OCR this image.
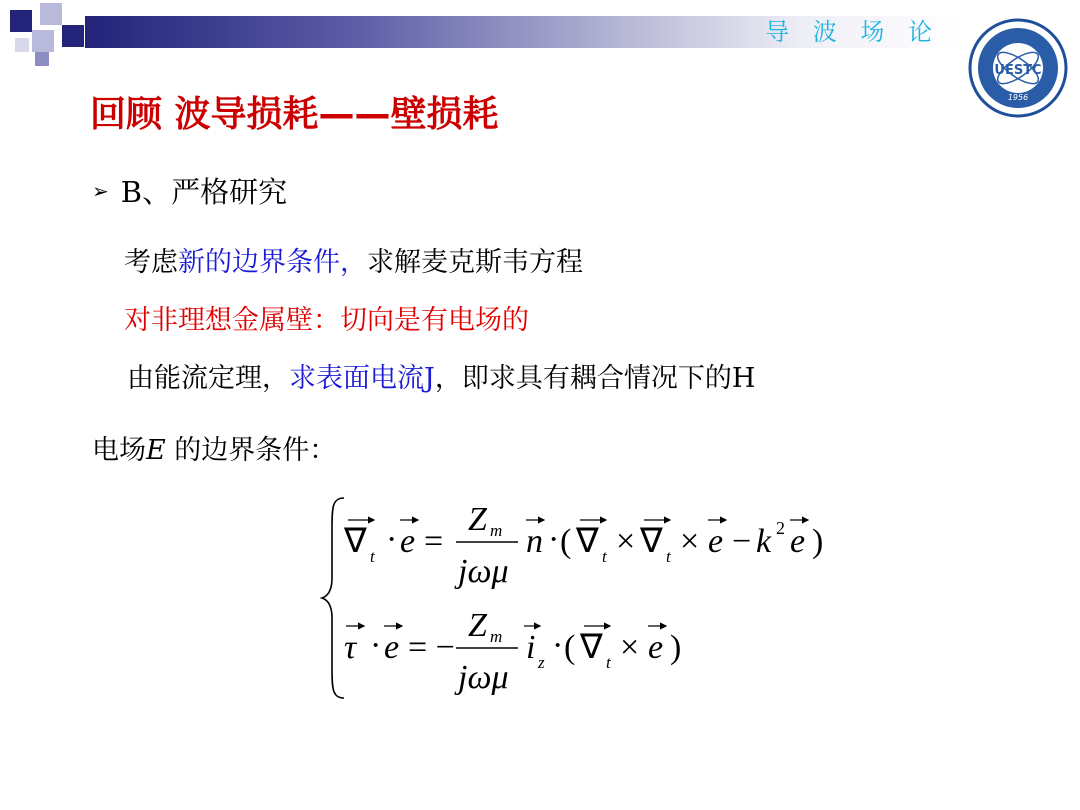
导 波 场 论
UESTC
1956
回顾 波导损耗——壁损耗
➢ B、严格研究
考虑新的边界条件，求解麦克斯韦方程
对非理想金属壁：切向是有电场的
由能流定理，求表面电流J，即求具有耦合情况下的H
电场E 的边界条件：
∇ t · e =
Z m
jωμ
n · ( ∇ t × ∇ t × e − k 2 e )
τ · e = −
Z m
jωμ
i z · ( ∇ t × e )
